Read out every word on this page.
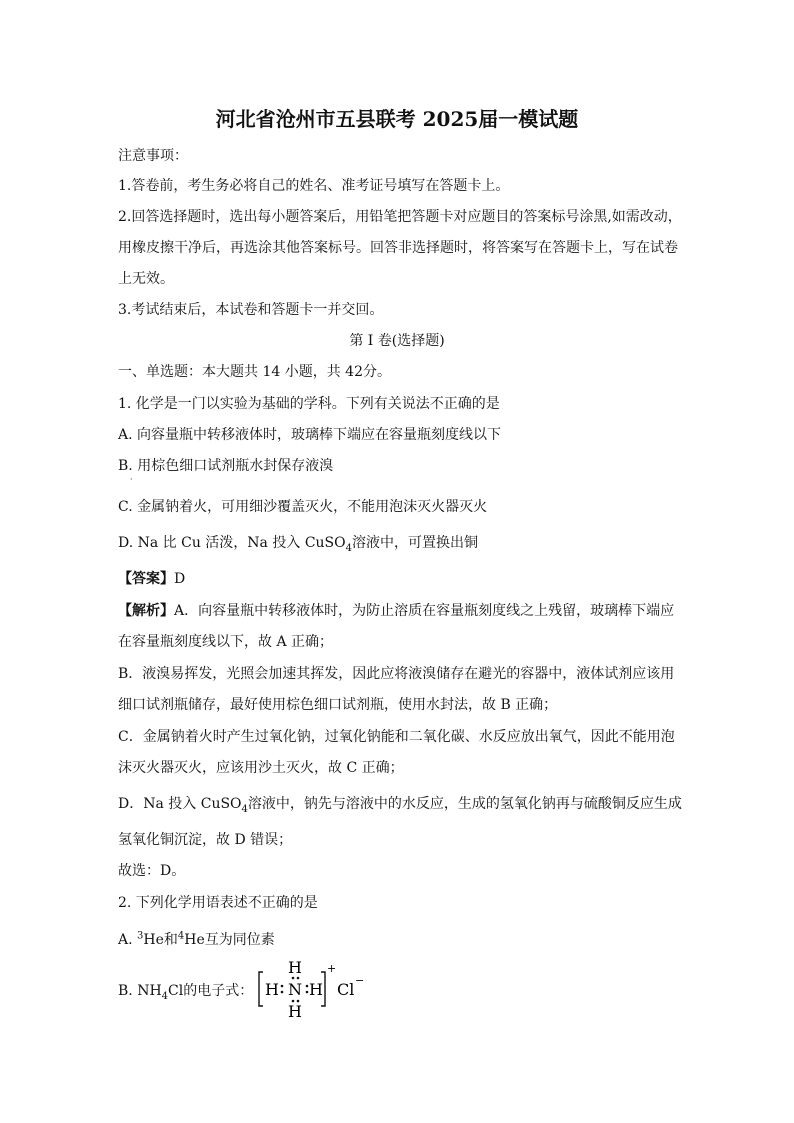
河北省沧州市五县联考 2025届一模试题
注意事项：
1.答卷前，考生务必将自己的姓名、准考证号填写在答题卡上。
2.回答选择题时，选出每小题答案后，用铅笔把答题卡对应题目的答案标号涂黑,如需改动，
用橡皮擦干净后，再选涂其他答案标号。回答非选择题时，将答案写在答题卡上，写在试卷
上无效。
3.考试结束后，本试卷和答题卡一并交回。
第 I 卷(选择题)
一、单选题：本大题共 14 小题，共 42分。
1. 化学是一门以实验为基础的学科。下列有关说法不正确的是
A. 向容量瓶中转移液体时，玻璃棒下端应在容量瓶刻度线以下
B. 用棕色细口试剂瓶水封保存液溴
·
C. 金属钠着火，可用细沙覆盖灭火，不能用泡沫灭火器灭火
D. Na 比 Cu 活泼，Na 投入 CuSO$_4$溶液中，可置换出铜
【答案】D
【解析】A．向容量瓶中转移液体时，为防止溶质在容量瓶刻度线之上残留，玻璃棒下端应
在容量瓶刻度线以下，故 A 正确；
B．液溴易挥发，光照会加速其挥发，因此应将液溴储存在避光的容器中，液体试剂应该用
细口试剂瓶储存，最好使用棕色细口试剂瓶，使用水封法，故 B 正确；
C．金属钠着火时产生过氧化钠，过氧化钠能和二氧化碳、水反应放出氧气，因此不能用泡
沫灭火器灭火，应该用沙土灭火，故 C 正确；
D．Na 投入 CuSO$_4$溶液中，钠先与溶液中的水反应，生成的氢氧化钠再与硫酸铜反应生成
氢氧化铜沉淀，故 D 错误；
故选：D。
2. 下列化学用语表述不正确的是
A. $^3$He和$^4$He互为同位素
B. $NH_4Cl$的电子式：
H
H N H
H
+
Cl −
